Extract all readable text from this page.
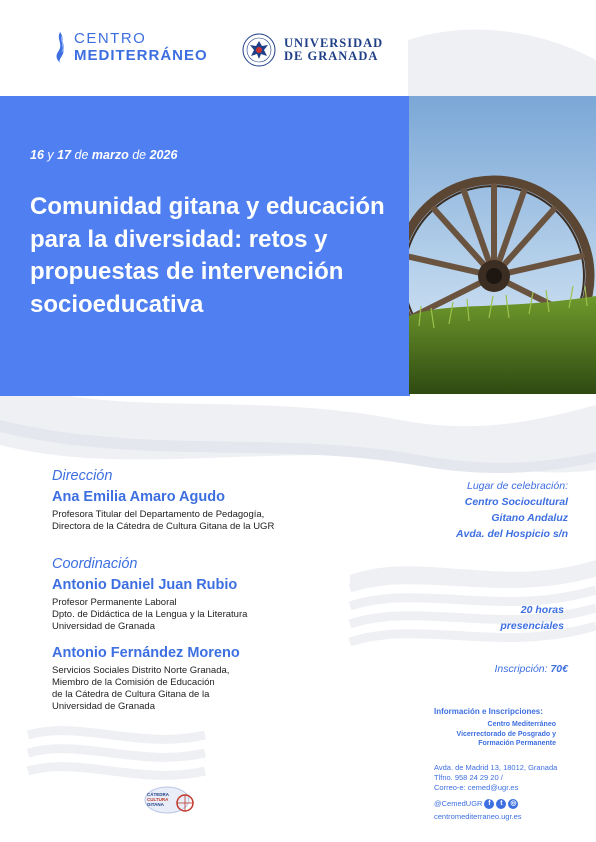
CENTRO
MEDITERRÁNEO
UNIVERSIDAD
DE GRANADA
16 y 17 de marzo de 2026
Comunidad gitana y educación para la diversidad: retos y propuestas de intervención socioeducativa
Dirección
Ana Emilia Amaro Agudo
Profesora Titular del Departamento de Pedagogía,
Directora de la Cátedra de Cultura Gitana de la UGR
Coordinación
Antonio Daniel Juan Rubio
Profesor Permanente Laboral
Dpto. de Didáctica de la Lengua y la Literatura
Universidad de Granada
Antonio Fernández Moreno
Servicios Sociales Distrito Norte Granada,
Miembro de la Comisión de Educación
de la Cátedra de Cultura Gitana de la
Universidad de Granada
Lugar de celebración:
Centro Sociocultural
Gitano Andaluz
Avda. del Hospicio s/n
20 horas
presenciales
Inscripción: 70€
Información e Inscripciones:
Centro Mediterráneo
Vicerrectorado de Posgrado y
Formación Permanente
Avda. de Madrid 13, 18012, Granada
Tlfno. 958 24 29 20 /
Correo-e: cemed@ugr.es
@CemedUGR f	t	◎
centromediterraneo.ugr.es
CÁTEDRA
CULTURA
GITANA
